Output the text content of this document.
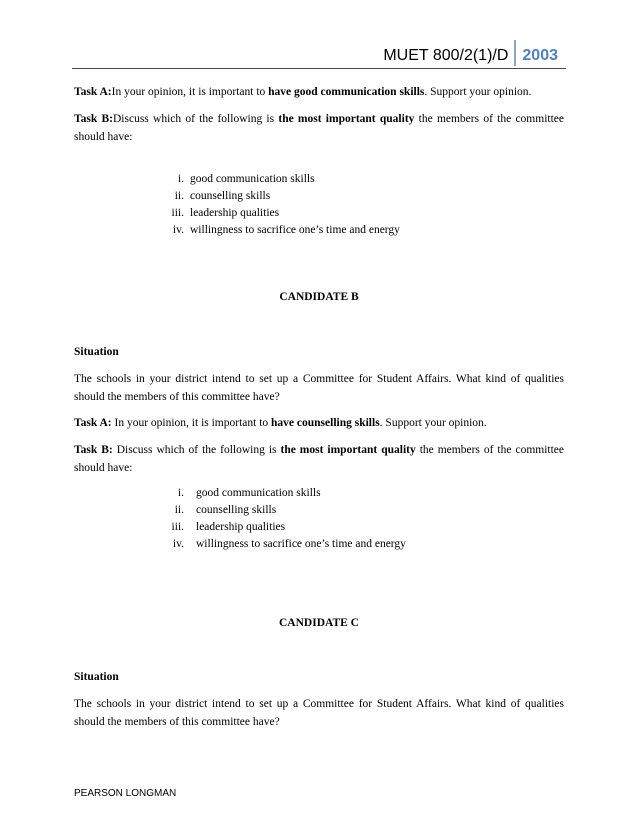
MUET 800/2(1)/D 2003

Task A:In your opinion, it is important to have good communication skills. Support your opinion.

Task B:Discuss which of the following is the most important quality the members of the committee should have:

i. good communication skills
ii. counselling skills
iii. leadership qualities
iv. willingness to sacrifice one’s time and energy
CANDIDATE B

Situation

The schools in your district intend to set up a Committee for Student Affairs. What kind of qualities should the members of this committee have?

Task A: In your opinion, it is important to have counselling skills. Support your opinion.

Task B: Discuss which of the following is the most important quality the members of the committee should have:

i.	good communication skills
ii.	counselling skills
iii.	leadership qualities
iv.	willingness to sacrifice one’s time and energy
CANDIDATE C

Situation

The schools in your district intend to set up a Committee for Student Affairs. What kind of qualities should the members of this committee have?

PEARSON LONGMAN
